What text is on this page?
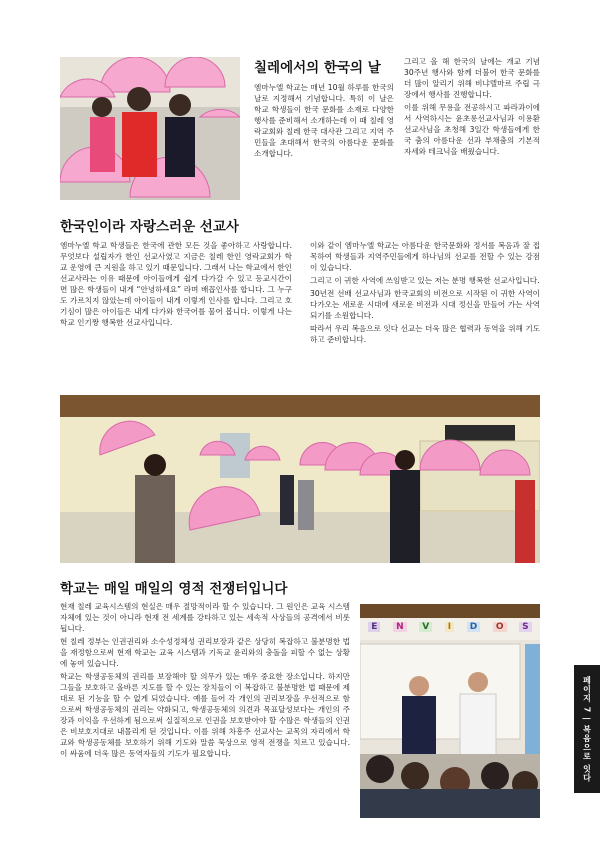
칠레에서의 한국의 날

엠마누엘 학교는 매년 10월 하루를 한국의 날로 지정해서 기념합니다. 특히 이 날은 학교 학생들이 한국 문화를 소재로 다양한 행사를 준비해서 소개하는데 이 때 칠레 영락교회와 칠레 한국 대사관 그리고 지역 주민들을 초대해서 한국의 아름다운 문화를 소개합니다.

그리고 올 해 한국의 날에는 개교 기념 30주년 행사와 함께 더불어 한국 문화를 더 많이 알리기 위해 비냐델마르 주립 극장에서 행사를 진행합니다.

이를 위해 무용을 전공하시고 파라과이에서 사역하시는 윤초롱선교사님과 이용환 선교사님을 초청해 3일간 학생들에게 한국 춤의 아름다운 선과 부채춤의 기본적 자세와 테크닉을 배웠습니다.

한국인이라 자랑스러운 선교사

엠마누엘 학교 학생들은 한국에 관한 모든 것을 좋아하고 사랑합니다. 무엇보다 설립자가 한인 선교사였고 지금은 칠레 한인 영락교회가 학교 운영에 큰 지원을 하고 있기 때문입니다. 그래서 나는 학교에서 한인 선교사라는 이유 때문에 아이들에게 쉽게 다가갈 수 있고 등교시간이면 많은 학생들이 내게 “안녕하세요” 라며 배꼽인사를 합니다. 그 누구도 가르치지 않았는데 아이들이 내게 이렇게 인사를 합니다. 그리고 호기심이 많은 아이들은 내게 다가와 한국어를 물어 봅니다. 이렇게 나는 학교 인기짱 행복한 선교사입니다.

이와 같이 엠마누엘 학교는 아름다운 한국문화와 정서를 복음과 잘 접목하여 학생들과 지역주민들에게 하나님의 선교를 전할 수 있는 강점이 있습니다.

그리고 이 귀한 사역에 쓰임받고 있는 저는 분명 행복한 선교사입니다.

30년전 선배 선교사님과 한국교회의 비전으로 시작된 이 귀한 사역이 다가오는 새로운 시대에 새로운 비전과 시대 정신을 만들어 가는 사역되기를 소원합니다.

따라서 우리 복음으로 잇다 선교는 더욱 많은 협력과 동역을 위해 기도하고 준비합니다.

학교는 매일 매일의 영적 전쟁터입니다

현재 칠레 교육시스템의 현실은 매우 절망적이라 할 수 있습니다. 그 원인은 교육 시스템 자체에 있는 것이 아니라 현재 전 세계를 강타하고 있는 세속적 사상들의 공격에서 비롯됩니다.

현 칠레 정부는 인권권리와 소수성정체성 권리보장과 같은 상당히 복잡하고 불분명한 법을 재정함으로써 현재 학교는 교육 시스템과 기독교 윤리와의 충돌을 피할 수 없는 상황에 놓여 있습니다.

학교는 학생공동체의 권리를 보장해야 할 의무가 있는 매우 중요한 장소입니다. 하지만 그들을 보호하고 올바른 지도를 할 수 있는 장치들이 이 복잡하고 불분명한 법 때문에 제대로 된 기능을 할 수 없게 되었습니다. 예를 들어 각 개인의 권리보장을 우선적으로 함으로써 학생공동체의 권리는 약화되고, 학생공동체의 의견과 목표달성보다는 개인의 주장과 이익을 우선하게 됨으로써 실질적으로 인권을 보호받아야 할 수많은 학생들의 인권은 비보호지대로 내몰리게 된 것입니다. 이를 위해 차흥주 선교사는 교목의 자리에서 학교와 학생공동체를 보호하기 위해 기도와 말씀 묵상으로 영적 전쟁을 치르고 있습니다. 이 싸움에 더욱 많은 동역자들의 기도가 필요합니다.

E	N	V	I	D	O	S
페이지 7 | 복음으로 잇다
